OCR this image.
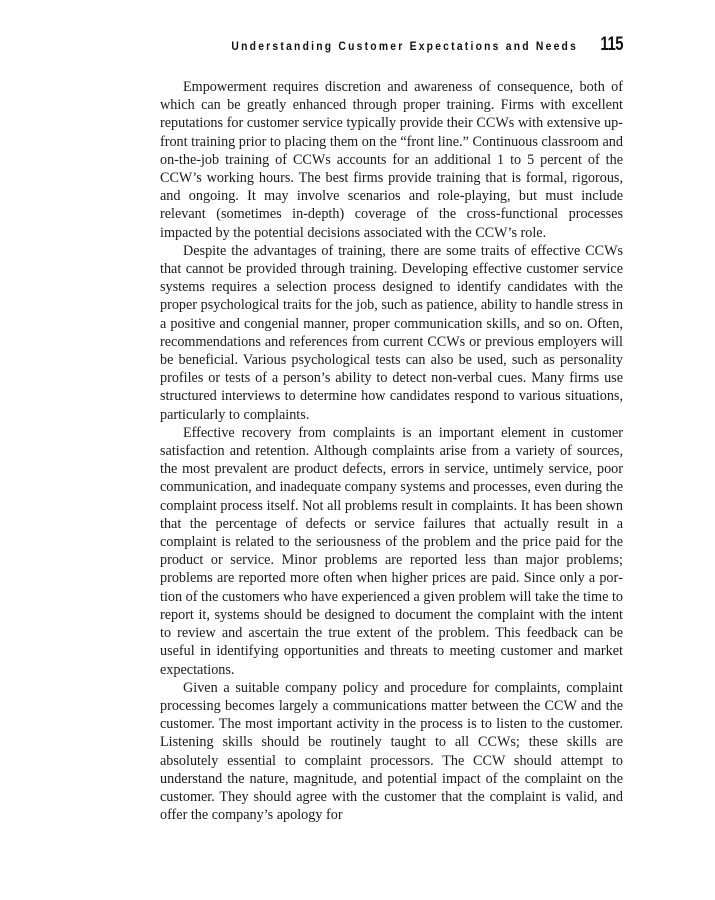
Understanding Customer Expectations and Needs 115

Empowerment requires discretion and awareness of consequence, both of which can be greatly enhanced through proper training. Firms with excellent reputations for customer service typically provide their CCWs with extensive up-front training prior to placing them on the “front line.” Continuous classroom and on-the-job training of CCWs accounts for an additional 1 to 5 percent of the CCW’s working hours. The best firms provide training that is formal, rigorous, and ongoing. It may involve scenarios and role-playing, but must include relevant (sometimes in-depth) coverage of the cross-functional processes impacted by the potential decisions associated with the CCW’s role.

Despite the advantages of training, there are some traits of effective CCWs that cannot be provided through training. Developing effective customer service systems requires a selection process designed to identify candidates with the proper psychological traits for the job, such as patience, ability to handle stress in a positive and congenial manner, proper communication skills, and so on. Often, recommendations and references from current CCWs or previous employers will be beneficial. Various psychological tests can also be used, such as personality profiles or tests of a person’s ability to detect non-verbal cues. Many firms use structured interviews to determine how candidates respond to various situations, particularly to complaints.

Effective recovery from complaints is an important element in customer satisfaction and retention. Although complaints arise from a variety of sources, the most prevalent are product defects, errors in service, untimely service, poor communication, and inadequate company systems and processes, even during the complaint process itself. Not all problems result in complaints. It has been shown that the percentage of defects or service failures that actually result in a complaint is related to the seriousness of the problem and the price paid for the product or service. Minor problems are reported less than major problems; problems are reported more often when higher prices are paid. Since only a portion of the customers who have experienced a given problem will take the time to report it, systems should be designed to document the complaint with the intent to review and ascertain the true extent of the problem. This feedback can be useful in identifying opportunities and threats to meeting customer and market expectations.

Given a suitable company policy and procedure for complaints, complaint processing becomes largely a communications matter between the CCW and the customer. The most important activity in the process is to listen to the customer. Listening skills should be routinely taught to all CCWs; these skills are absolutely essential to complaint processors. The CCW should attempt to understand the nature, magnitude, and potential impact of the complaint on the customer. They should agree with the customer that the complaint is valid, and offer the company’s apology for
